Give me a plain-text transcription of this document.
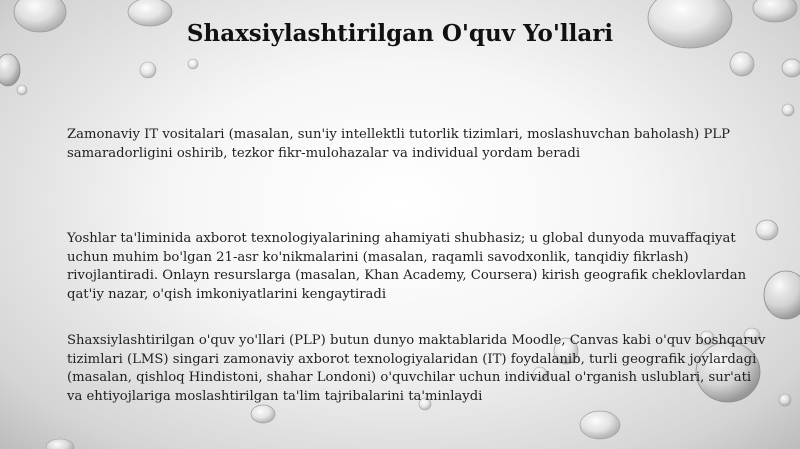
Shaxsiylashtirilgan O'quv Yo'llari

Zamonaviy IT vositalari (masalan, sun'iy intellektli tutorlik tizimlari, moslashuvchan baholash) PLP samaradorligini oshirib, tezkor fikr-mulohazalar va individual yordam beradi

Yoshlar ta'liminida axborot texnologiyalarining ahamiyati shubhasiz; u global dunyoda muvaffaqiyat uchun muhim bo'lgan 21-asr ko'nikmalarini (masalan, raqamli savodxonlik, tanqidiy fikrlash) rivojlantiradi. Onlayn resurslarga (masalan, Khan Academy, Coursera) kirish geografik cheklovlardan qat'iy nazar, o'qish imkoniyatlarini kengaytiradi

Shaxsiylashtirilgan o'quv yo'llari (PLP) butun dunyo maktablarida Moodle, Canvas kabi o'quv boshqaruv tizimlari (LMS) singari zamonaviy axborot texnologiyalaridan (IT) foydalanib, turli geografik joylardagi (masalan, qishloq Hindistoni, shahar Londoni) o'quvchilar uchun individual o'rganish uslublari, sur'ati va ehtiyojlariga moslashtirilgan ta'lim tajribalarini ta'minlaydi
